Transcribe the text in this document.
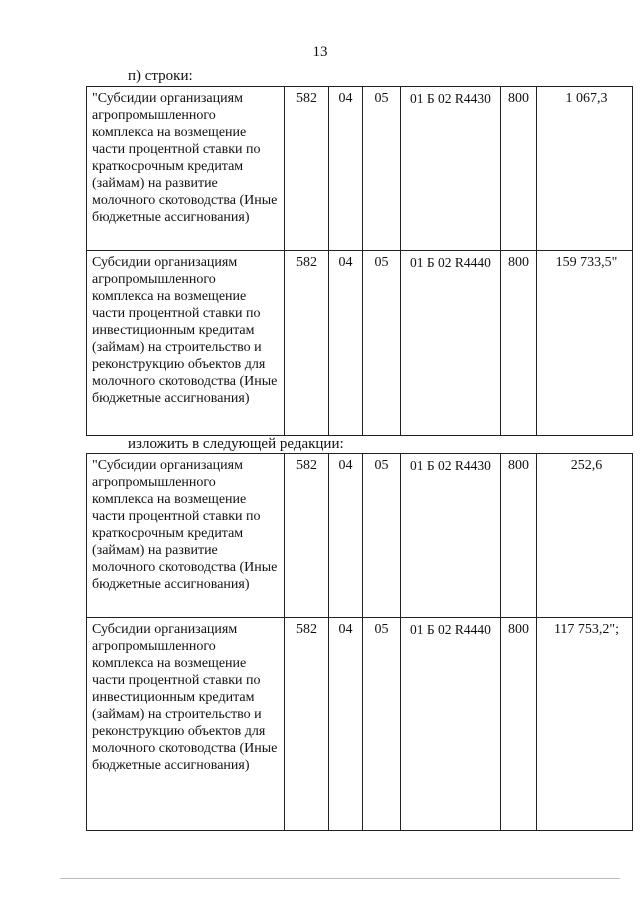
13
п) строки:
"Субсидии организациям агропромышленного комплекса на возмещение части процентной ставки по краткосрочным кредитам (займам) на развитие молочного скотоводства (Иные бюджетные ассигнования)	582	04	05	01 Б 02 R4430	800	1 067,3
Субсидии организациям агропромышленного комплекса на возмещение части процентной ставки по инвестиционным кредитам (займам) на строительство и реконструкцию объектов для молочного скотоводства (Иные бюджетные ассигнования)	582	04	05	01 Б 02 R4440	800	159 733,5"
изложить в следующей редакции:
"Субсидии организациям агропромышленного комплекса на возмещение части процентной ставки по краткосрочным кредитам (займам) на развитие молочного скотоводства (Иные бюджетные ассигнования)	582	04	05	01 Б 02 R4430	800	252,6
Субсидии организациям агропромышленного комплекса на возмещение части процентной ставки по инвестиционным кредитам (займам) на строительство и реконструкцию объектов для молочного скотоводства (Иные бюджетные ассигнования)	582	04	05	01 Б 02 R4440	800	117 753,2";
